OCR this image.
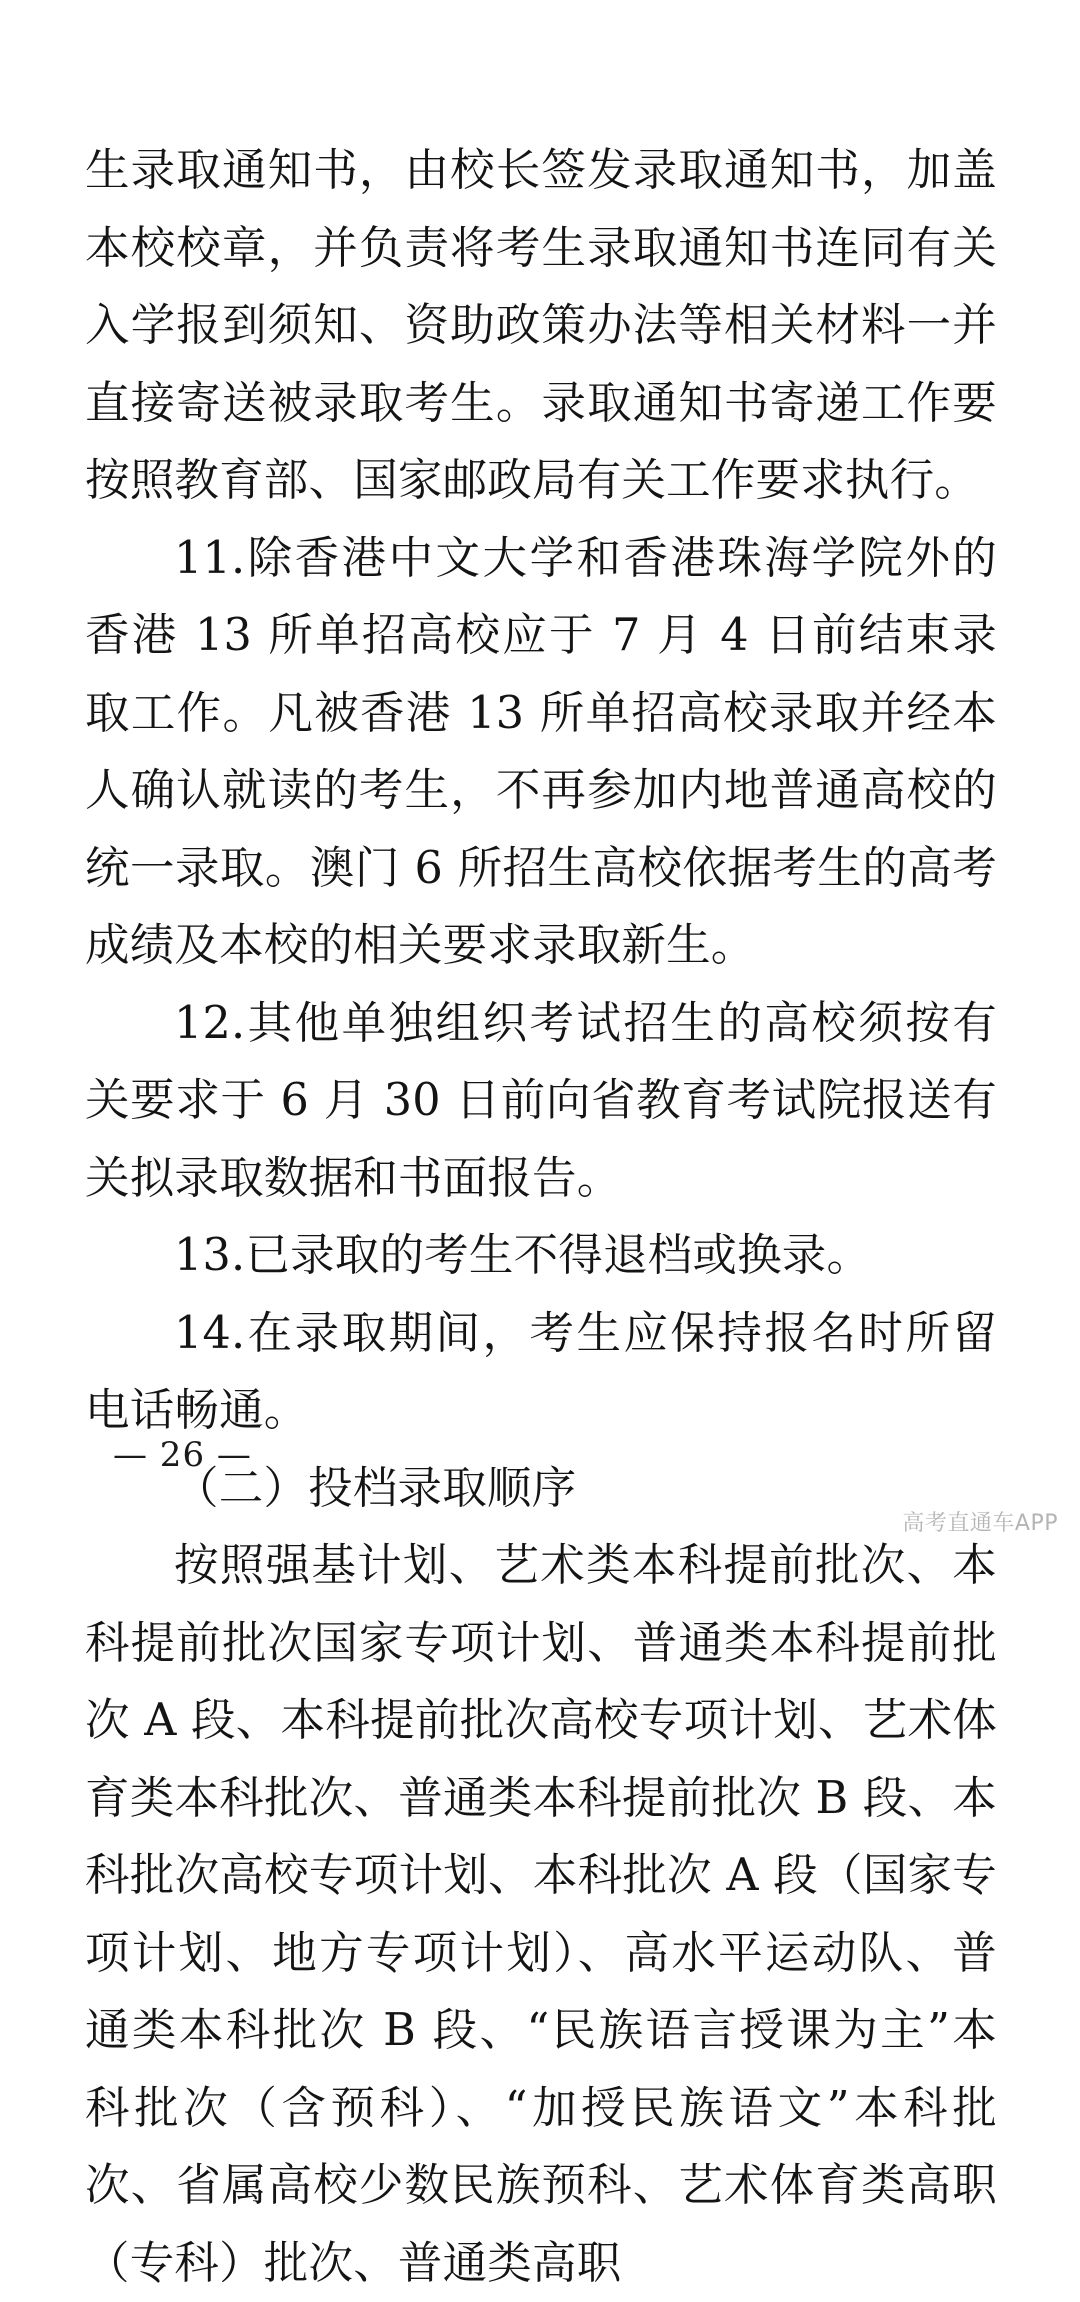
生录取通知书，由校长签发录取通知书，加盖本校校章，并负责将考生录取通知书连同有关入学报到须知、资助政策办法等相关材料一并直接寄送被录取考生。录取通知书寄递工作要按照教育部、国家邮政局有关工作要求执行。

11.除香港中文大学和香港珠海学院外的香港 13 所单招高校应于 7 月 4 日前结束录取工作。凡被香港 13 所单招高校录取并经本人确认就读的考生，不再参加内地普通高校的统一录取。澳门 6 所招生高校依据考生的高考成绩及本校的相关要求录取新生。

12.其他单独组织考试招生的高校须按有关要求于 6 月 30 日前向省教育考试院报送有关拟录取数据和书面报告。

13.已录取的考生不得退档或换录。

14.在录取期间，考生应保持报名时所留电话畅通。

（二）投档录取顺序

按照强基计划、艺术类本科提前批次、本科提前批次国家专项计划、普通类本科提前批次 A 段、本科提前批次高校专项计划、艺术体育类本科批次、普通类本科提前批次 B 段、本科批次高校专项计划、本科批次 A 段（国家专项计划、地方专项计划）、高水平运动队、普通类本科批次 B 段、“民族语言授课为主”本科批次（含预科）、“加授民族语文”本科批次、省属高校少数民族预科、艺术体育类高职（专科）批次、普通类高职

— 26 —
高考直通车APP
